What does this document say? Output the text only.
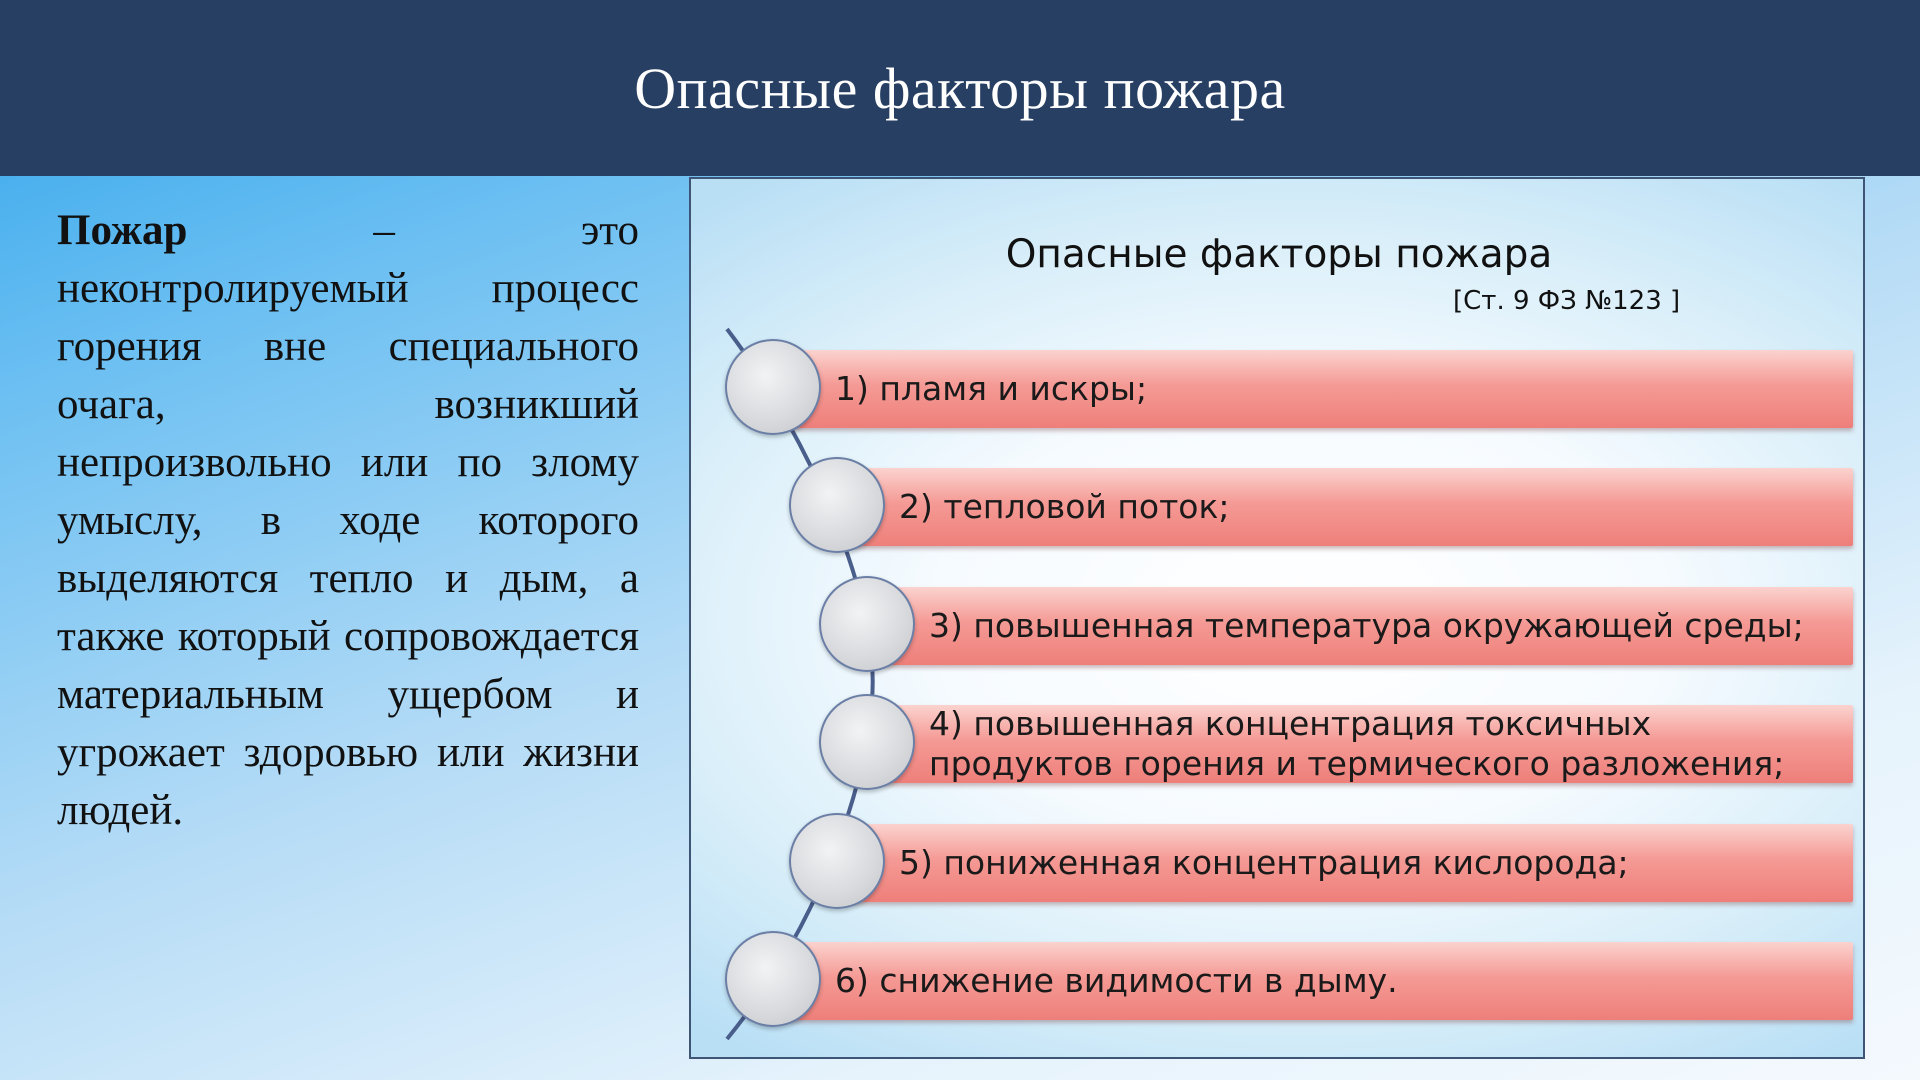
Опасные факторы пожара

Пожар – это неконтролируемый процесс горения вне специального очага, возникший непроизвольно или по злому умыслу, в ходе которого выделяются тепло и дым, а также который сопровождается материальным ущербом и угрожает здоровью или жизни людей.

Опасные факторы пожара
[Ст. 9 ФЗ №123 ]
1) пламя и искры;
2) тепловой поток;
3) повышенная температура окружающей среды;
4) повышенная концентрация токсичных продуктов горения и термического разложения;
5) пониженная концентрация кислорода;
6) снижение видимости в дыму.
